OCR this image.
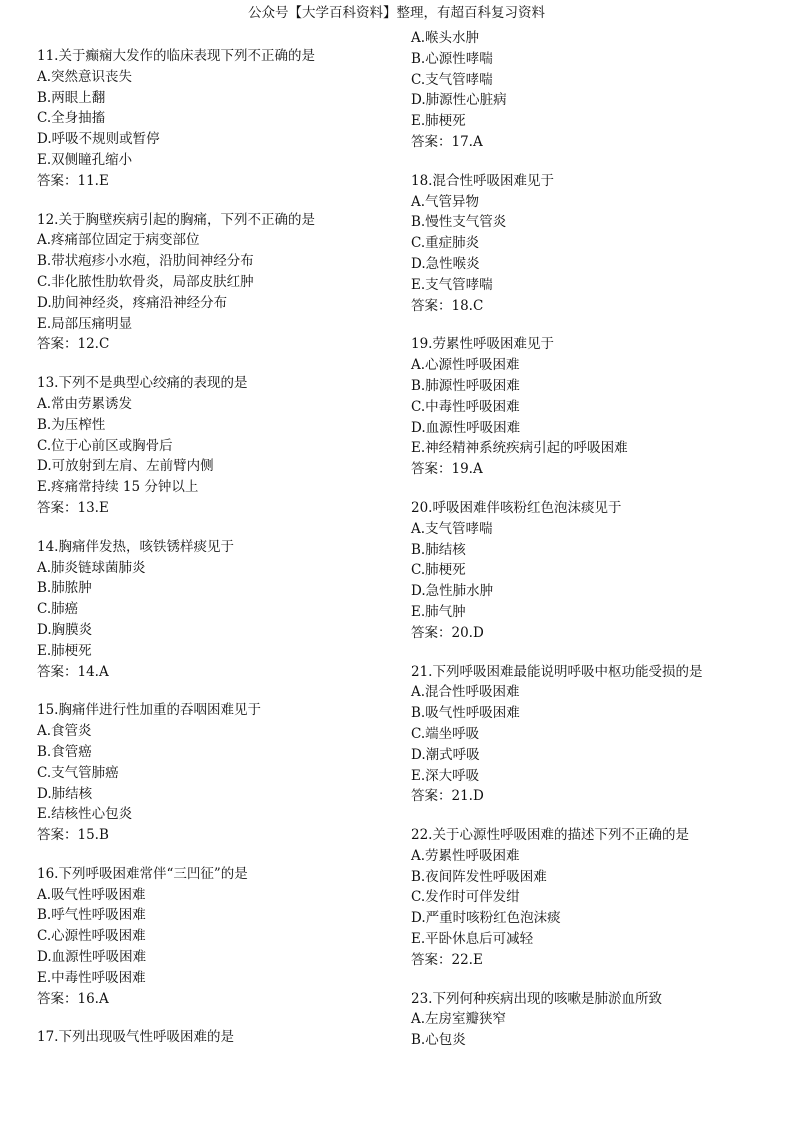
公众号【大学百科资料】整理，有超百科复习资料
11.关于癫痫大发作的临床表现下列不正确的是
A.突然意识丧失
B.两眼上翻
C.全身抽搐
D.呼吸不规则或暂停
E.双侧瞳孔缩小
答案：11.E
12.关于胸壁疾病引起的胸痛，下列不正确的是
A.疼痛部位固定于病变部位
B.带状疱疹小水疱，沿肋间神经分布
C.非化脓性肋软骨炎，局部皮肤红肿
D.肋间神经炎，疼痛沿神经分布
E.局部压痛明显
答案：12.C
13.下列不是典型心绞痛的表现的是
A.常由劳累诱发
B.为压榨性
C.位于心前区或胸骨后
D.可放射到左肩、左前臂内侧
E.疼痛常持续 15 分钟以上
答案：13.E
14.胸痛伴发热，咳铁锈样痰见于
A.肺炎链球菌肺炎
B.肺脓肿
C.肺癌
D.胸膜炎
E.肺梗死
答案：14.A
15.胸痛伴进行性加重的吞咽困难见于
A.食管炎
B.食管癌
C.支气管肺癌
D.肺结核
E.结核性心包炎
答案：15.B
16.下列呼吸困难常伴“三凹征”的是
A.吸气性呼吸困难
B.呼气性呼吸困难
C.心源性呼吸困难
D.血源性呼吸困难
E.中毒性呼吸困难
答案：16.A
17.下列出现吸气性呼吸困难的是
A.喉头水肿
B.心源性哮喘
C.支气管哮喘
D.肺源性心脏病
E.肺梗死
答案：17.A
18.混合性呼吸困难见于
A.气管异物
B.慢性支气管炎
C.重症肺炎
D.急性喉炎
E.支气管哮喘
答案：18.C
19.劳累性呼吸困难见于
A.心源性呼吸困难
B.肺源性呼吸困难
C.中毒性呼吸困难
D.血源性呼吸困难
E.神经精神系统疾病引起的呼吸困难
答案：19.A
20.呼吸困难伴咳粉红色泡沫痰见于
A.支气管哮喘
B.肺结核
C.肺梗死
D.急性肺水肿
E.肺气肿
答案：20.D
21.下列呼吸困难最能说明呼吸中枢功能受损的是
A.混合性呼吸困难
B.吸气性呼吸困难
C.端坐呼吸
D.潮式呼吸
E.深大呼吸
答案：21.D
22.关于心源性呼吸困难的描述下列不正确的是
A.劳累性呼吸困难
B.夜间阵发性呼吸困难
C.发作时可伴发绀
D.严重时咳粉红色泡沫痰
E.平卧休息后可减轻
答案：22.E
23.下列何种疾病出现的咳嗽是肺淤血所致
A.左房室瓣狭窄
B.心包炎
